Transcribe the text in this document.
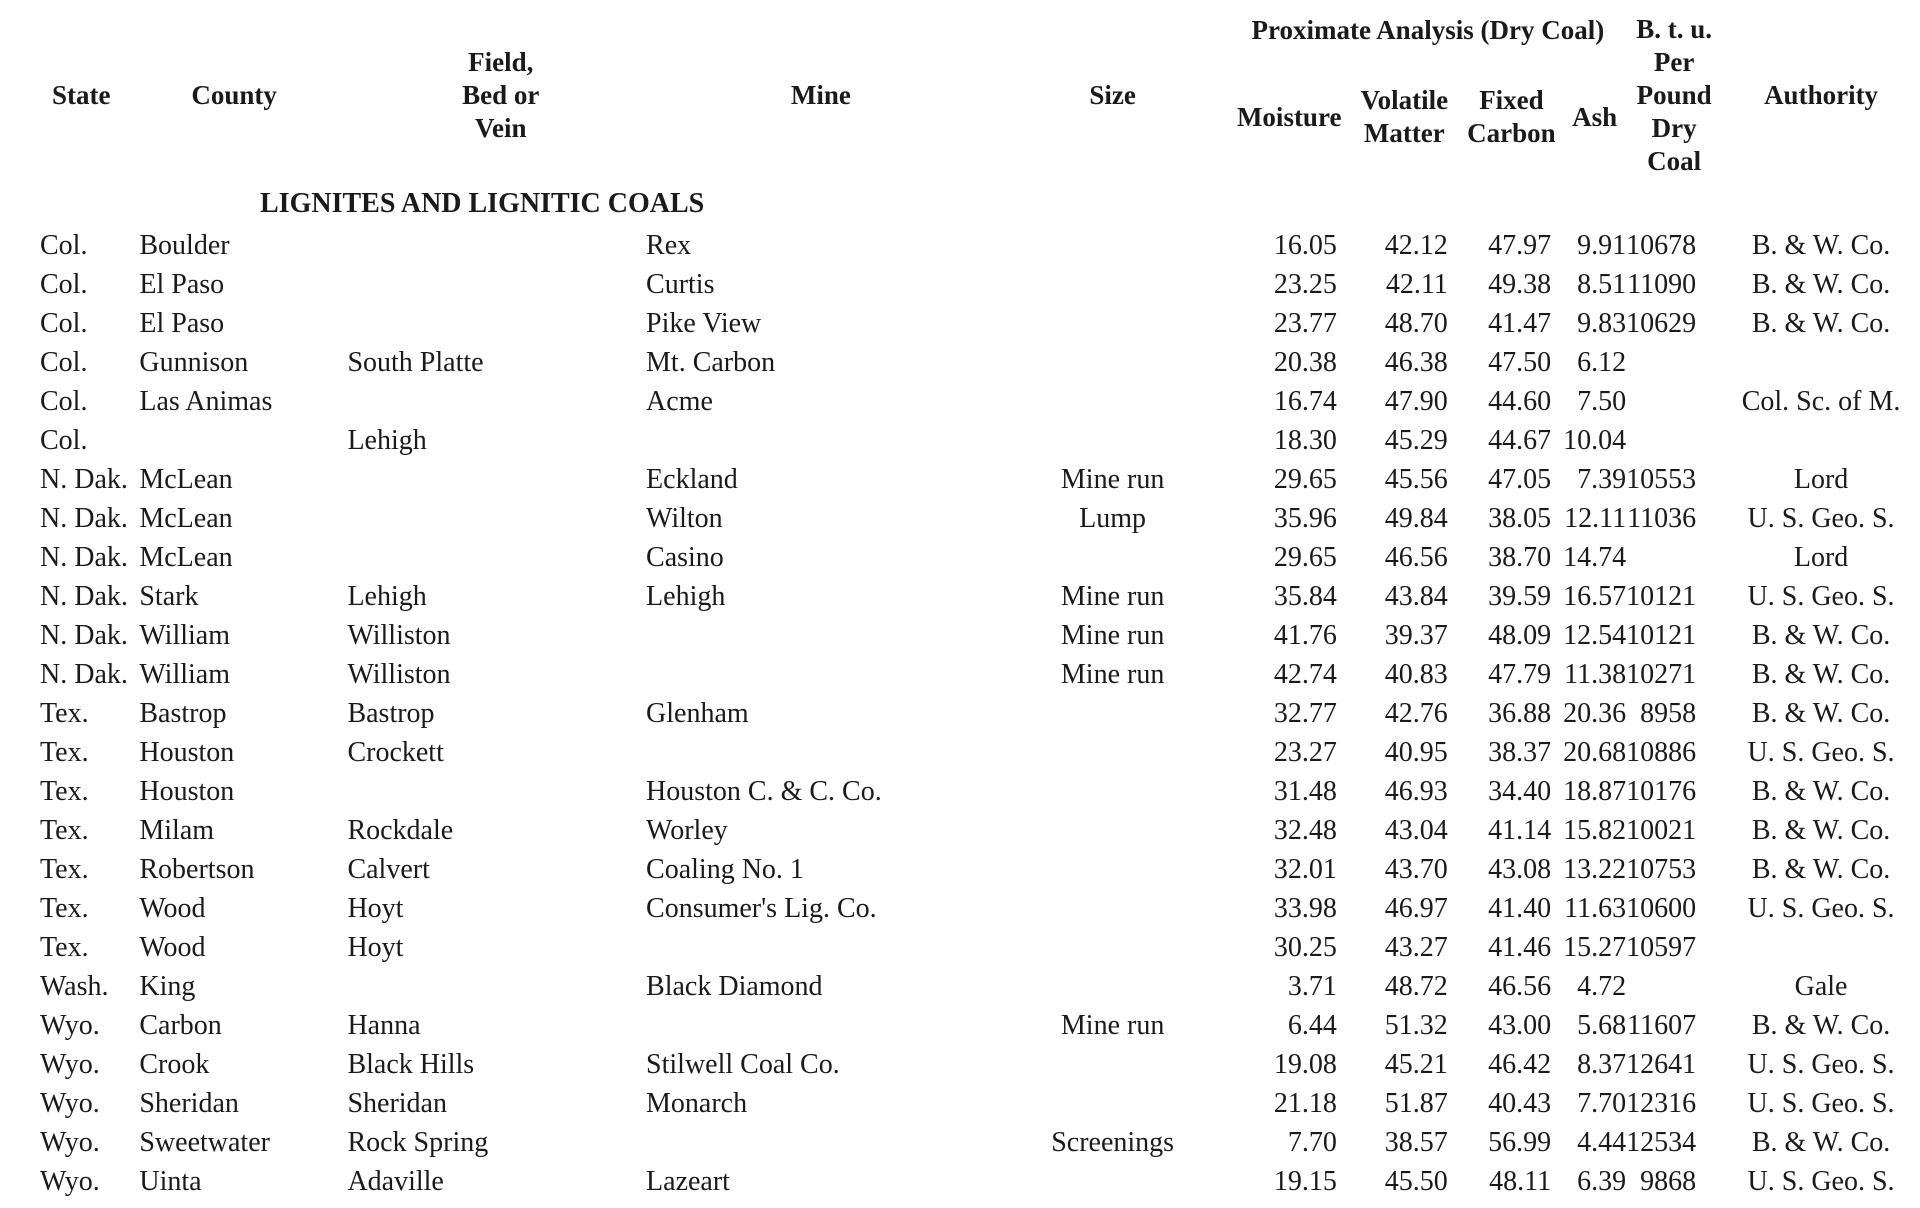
State	County	Field, Bed or Vein	Mine	Size	Proximate Analysis (Dry Coal)				B. t. u. Per Pound Dry Coal	Authority
					Moisture	Volatile Matter	Fixed Carbon	Ash		
LIGNITES AND LIGNITIC COALS										
Col.	Boulder		Rex		16.05	42.12	47.97	9.91	10678	B. & W. Co.
Col.	El Paso		Curtis		23.25	42.11	49.38	8.51	11090	B. & W. Co.
Col.	El Paso		Pike View		23.77	48.70	41.47	9.83	10629	B. & W. Co.
Col.	Gunnison	South Platte	Mt. Carbon		20.38	46.38	47.50	6.12		
Col.	Las Animas		Acme		16.74	47.90	44.60	7.50		Col. Sc. of M.
Col.		Lehigh			18.30	45.29	44.67	10.04		
N. Dak.	McLean		Eckland	Mine run	29.65	45.56	47.05	7.39	10553	Lord
N. Dak.	McLean		Wilton	Lump	35.96	49.84	38.05	12.11	11036	U. S. Geo. S.
N. Dak.	McLean		Casino		29.65	46.56	38.70	14.74		Lord
N. Dak.	Stark	Lehigh	Lehigh	Mine run	35.84	43.84	39.59	16.57	10121	U. S. Geo. S.
N. Dak.	William	Williston		Mine run	41.76	39.37	48.09	12.54	10121	B. & W. Co.
N. Dak.	William	Williston		Mine run	42.74	40.83	47.79	11.38	10271	B. & W. Co.
Tex.	Bastrop	Bastrop	Glenham		32.77	42.76	36.88	20.36	8958	B. & W. Co.
Tex.	Houston	Crockett			23.27	40.95	38.37	20.68	10886	U. S. Geo. S.
Tex.	Houston		Houston C. & C. Co.		31.48	46.93	34.40	18.87	10176	B. & W. Co.
Tex.	Milam	Rockdale	Worley		32.48	43.04	41.14	15.82	10021	B. & W. Co.
Tex.	Robertson	Calvert	Coaling No. 1		32.01	43.70	43.08	13.22	10753	B. & W. Co.
Tex.	Wood	Hoyt	Consumer's Lig. Co.		33.98	46.97	41.40	11.63	10600	U. S. Geo. S.
Tex.	Wood	Hoyt			30.25	43.27	41.46	15.27	10597	
Wash.	King		Black Diamond		3.71	48.72	46.56	4.72		Gale
Wyo.	Carbon	Hanna		Mine run	6.44	51.32	43.00	5.68	11607	B. & W. Co.
Wyo.	Crook	Black Hills	Stilwell Coal Co.		19.08	45.21	46.42	8.37	12641	U. S. Geo. S.
Wyo.	Sheridan	Sheridan	Monarch		21.18	51.87	40.43	7.70	12316	U. S. Geo. S.
Wyo.	Sweetwater	Rock Spring		Screenings	7.70	38.57	56.99	4.44	12534	B. & W. Co.
Wyo.	Uinta	Adaville	Lazeart		19.15	45.50	48.11	6.39	9868	U. S. Geo. S.
